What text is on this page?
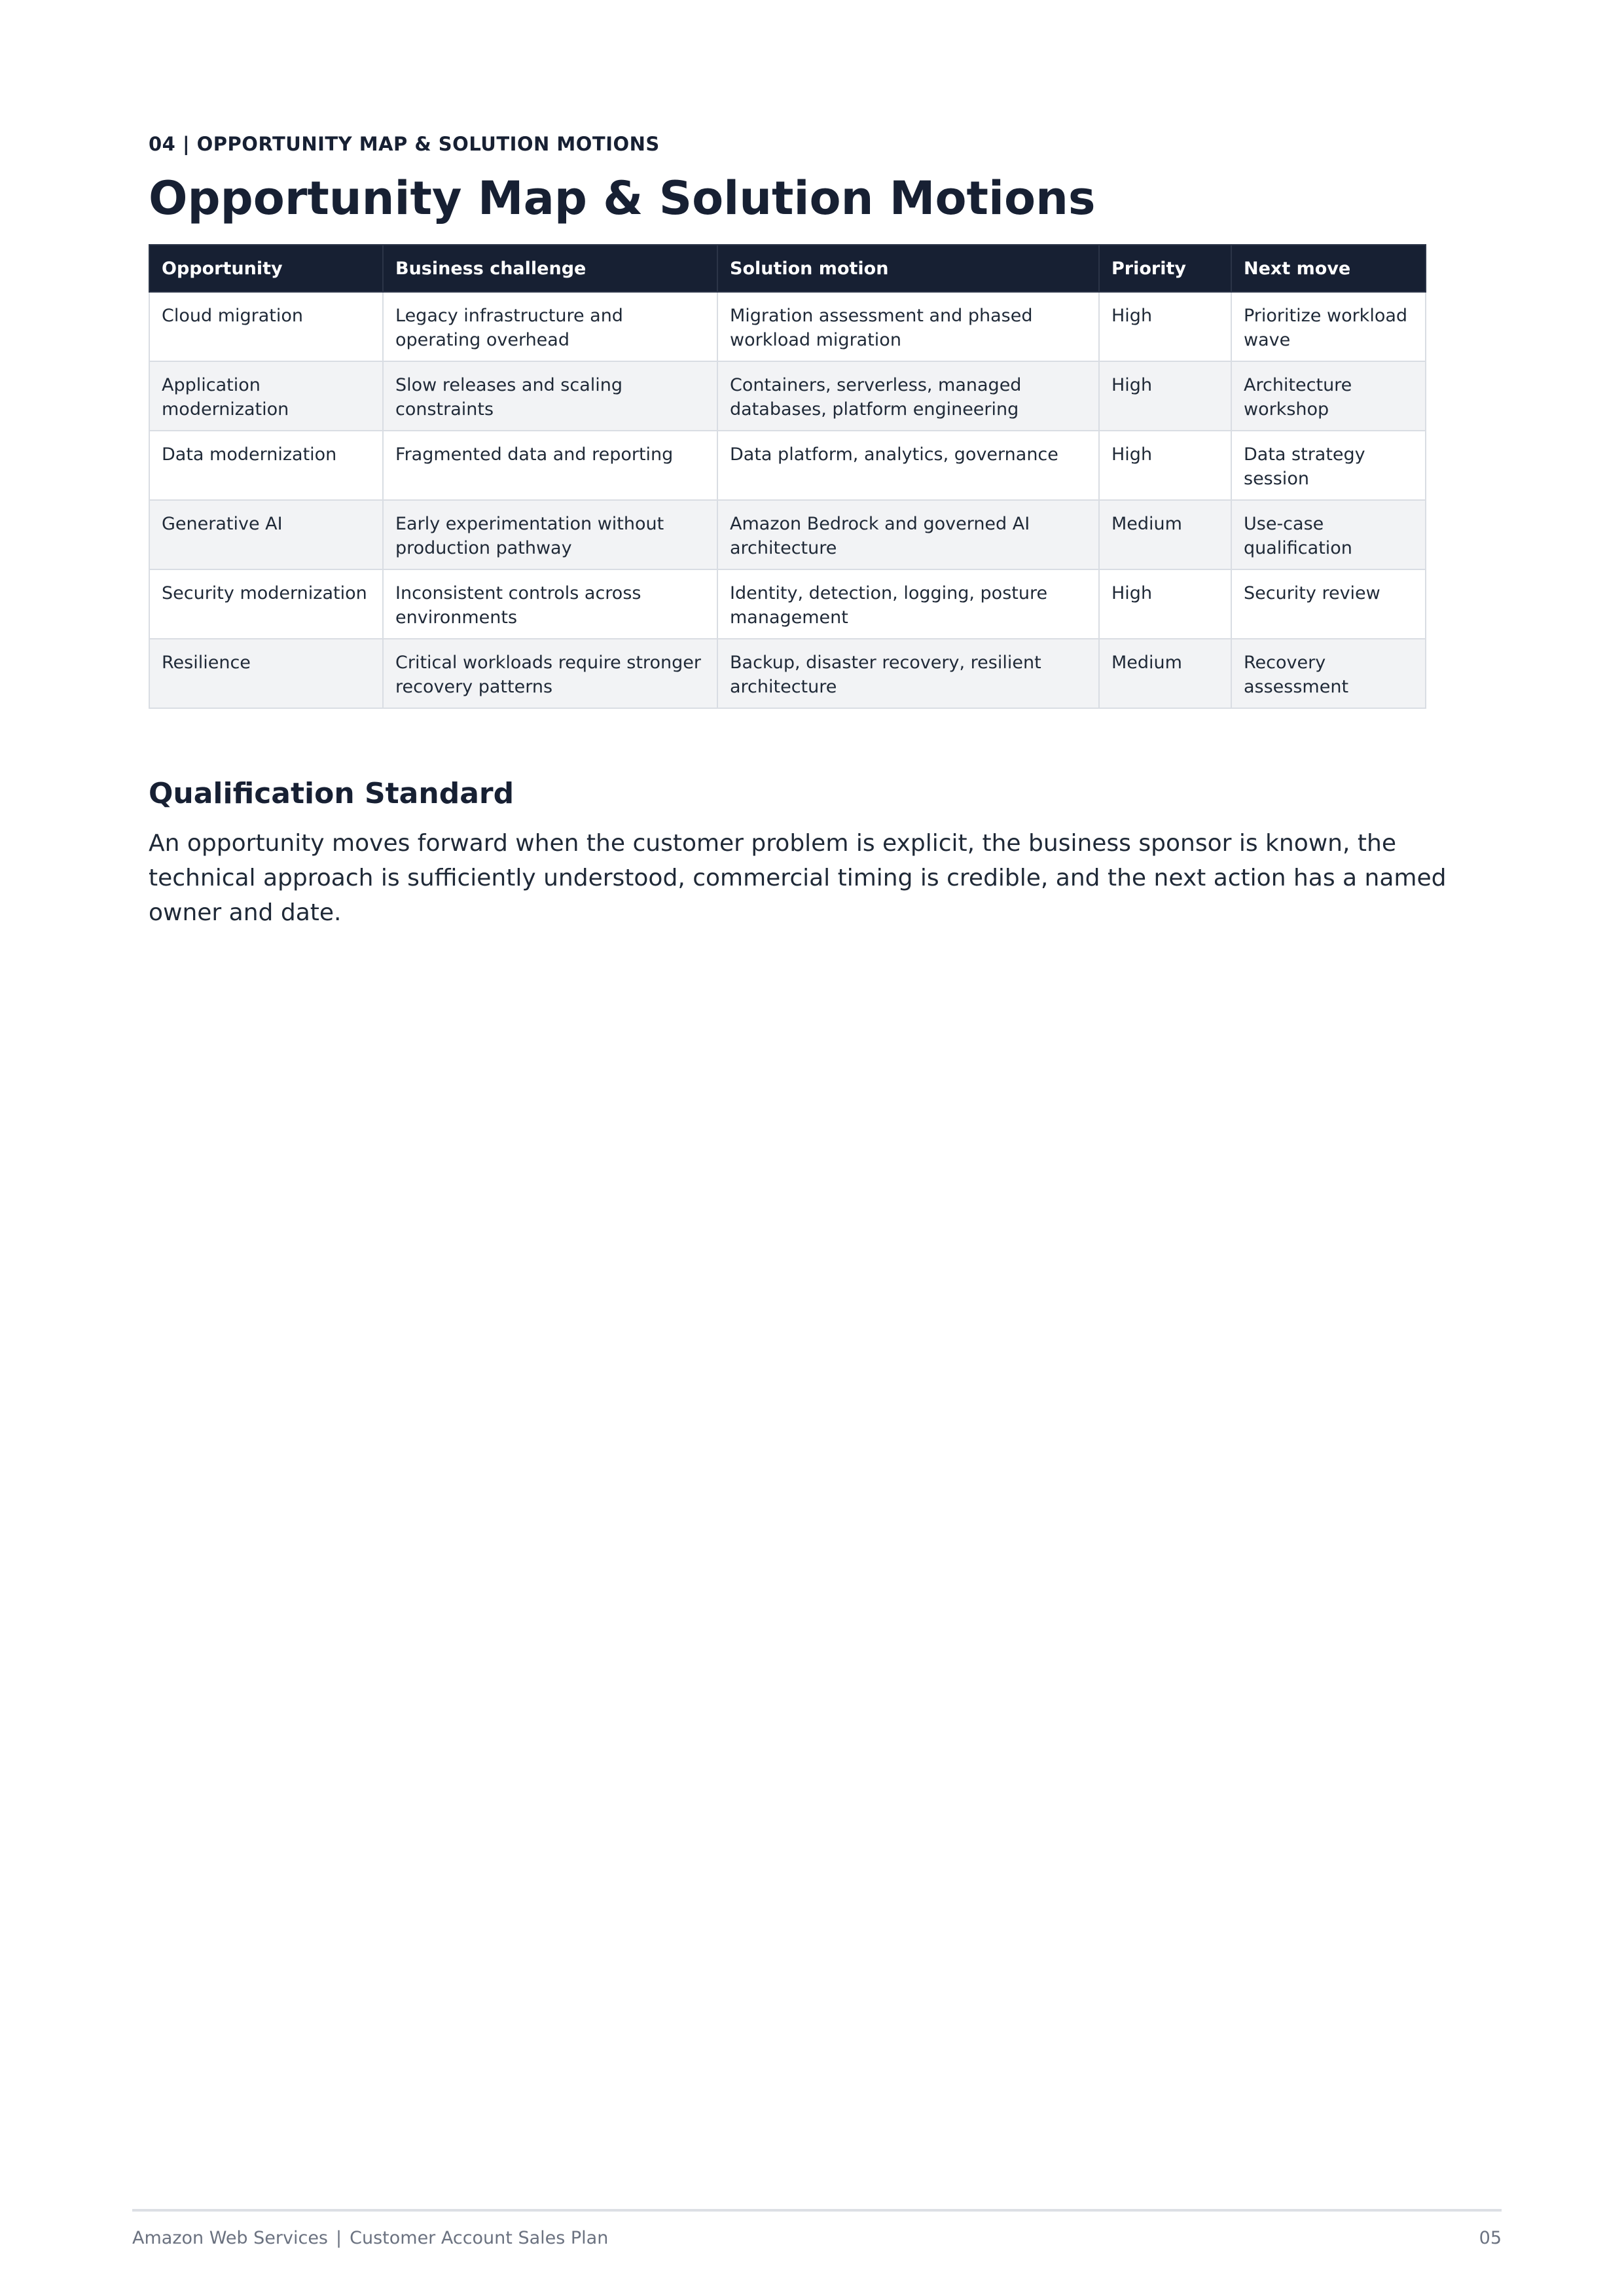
04 | OPPORTUNITY MAP & SOLUTION MOTIONS
Opportunity Map & Solution Motions
Opportunity	Business challenge	Solution motion	Priority	Next move
Cloud migration	Legacy infrastructure and operating overhead	Migration assessment and phased workload migration	High	Prioritize workload wave
Application modernization	Slow releases and scaling constraints	Containers, serverless, managed databases, platform engineering	High	Architecture workshop
Data modernization	Fragmented data and reporting	Data platform, analytics, governance	High	Data strategy session
Generative AI	Early experimentation without production pathway	Amazon Bedrock and governed AI architecture	Medium	Use-case qualification
Security modernization	Inconsistent controls across environments	Identity, detection, logging, posture management	High	Security review
Resilience	Critical workloads require stronger recovery patterns	Backup, disaster recovery, resilient architecture	Medium	Recovery assessment
Qualification Standard

An opportunity moves forward when the customer problem is explicit, the business sponsor is known, the technical approach is sufficiently understood, commercial timing is credible, and the next action has a named owner and date.

Amazon Web Services | Customer Account Sales Plan	05
